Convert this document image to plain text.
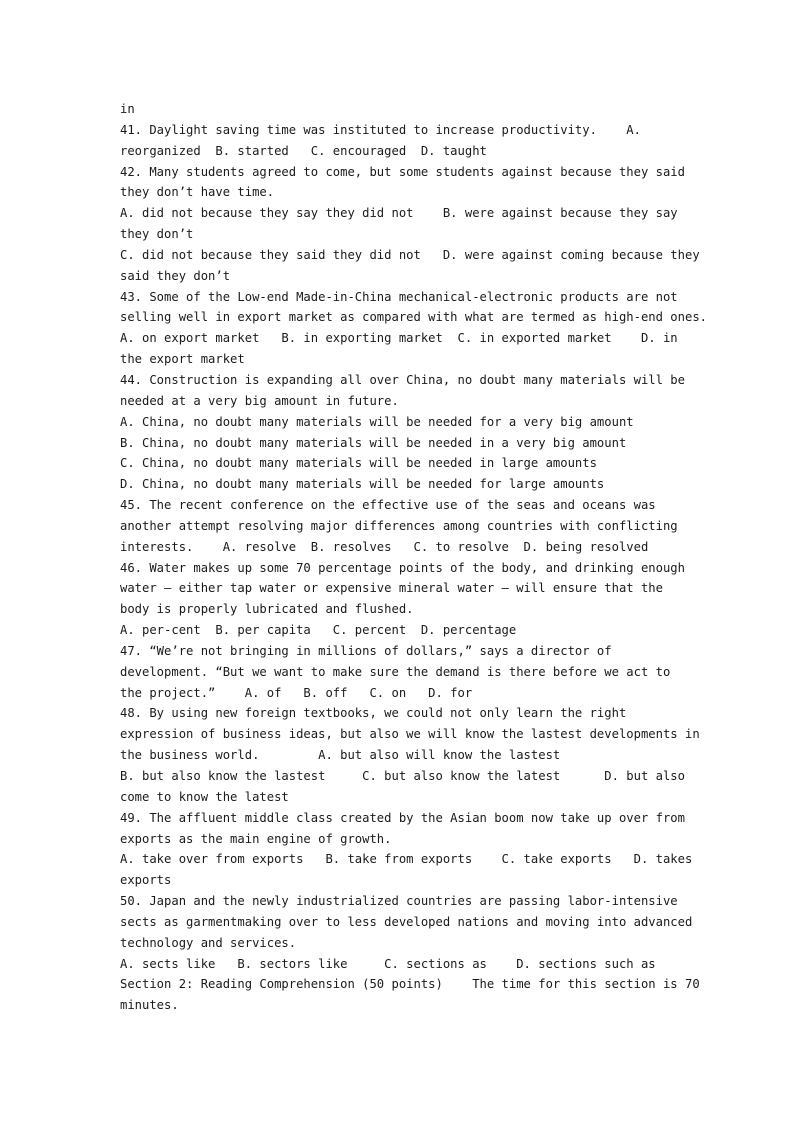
in
41. Daylight saving time was instituted to increase productivity.    A.
reorganized  B. started   C. encouraged  D. taught
42. Many students agreed to come, but some students against because they said
they don’t have time.
A. did not because they say they did not    B. were against because they say
they don’t
C. did not because they said they did not   D. were against coming because they
said they don’t
43. Some of the Low-end Made-in-China mechanical-electronic products are not
selling well in export market as compared with what are termed as high-end ones.
A. on export market   B. in exporting market  C. in exported market    D. in
the export market
44. Construction is expanding all over China, no doubt many materials will be
needed at a very big amount in future.
A. China, no doubt many materials will be needed for a very big amount
B. China, no doubt many materials will be needed in a very big amount
C. China, no doubt many materials will be needed in large amounts
D. China, no doubt many materials will be needed for large amounts
45. The recent conference on the effective use of the seas and oceans was
another attempt resolving major differences among countries with conflicting
interests.    A. resolve  B. resolves   C. to resolve  D. being resolved
46. Water makes up some 70 percentage points of the body, and drinking enough
water — either tap water or expensive mineral water — will ensure that the
body is properly lubricated and flushed.
A. per-cent  B. per capita   C. percent  D. percentage
47. “We’re not bringing in millions of dollars,” says a director of
development. “But we want to make sure the demand is there before we act to
the project.”    A. of   B. off   C. on   D. for
48. By using new foreign textbooks, we could not only learn the right
expression of business ideas, but also we will know the lastest developments in
the business world.        A. but also will know the lastest
B. but also know the lastest     C. but also know the latest      D. but also
come to know the latest
49. The affluent middle class created by the Asian boom now take up over from
exports as the main engine of growth.
A. take over from exports   B. take from exports    C. take exports   D. takes
exports
50. Japan and the newly industrialized countries are passing labor-intensive
sects as garmentmaking over to less developed nations and moving into advanced
technology and services.
A. sects like   B. sectors like     C. sections as    D. sections such as
Section 2: Reading Comprehension (50 points)    The time for this section is 70
minutes.
